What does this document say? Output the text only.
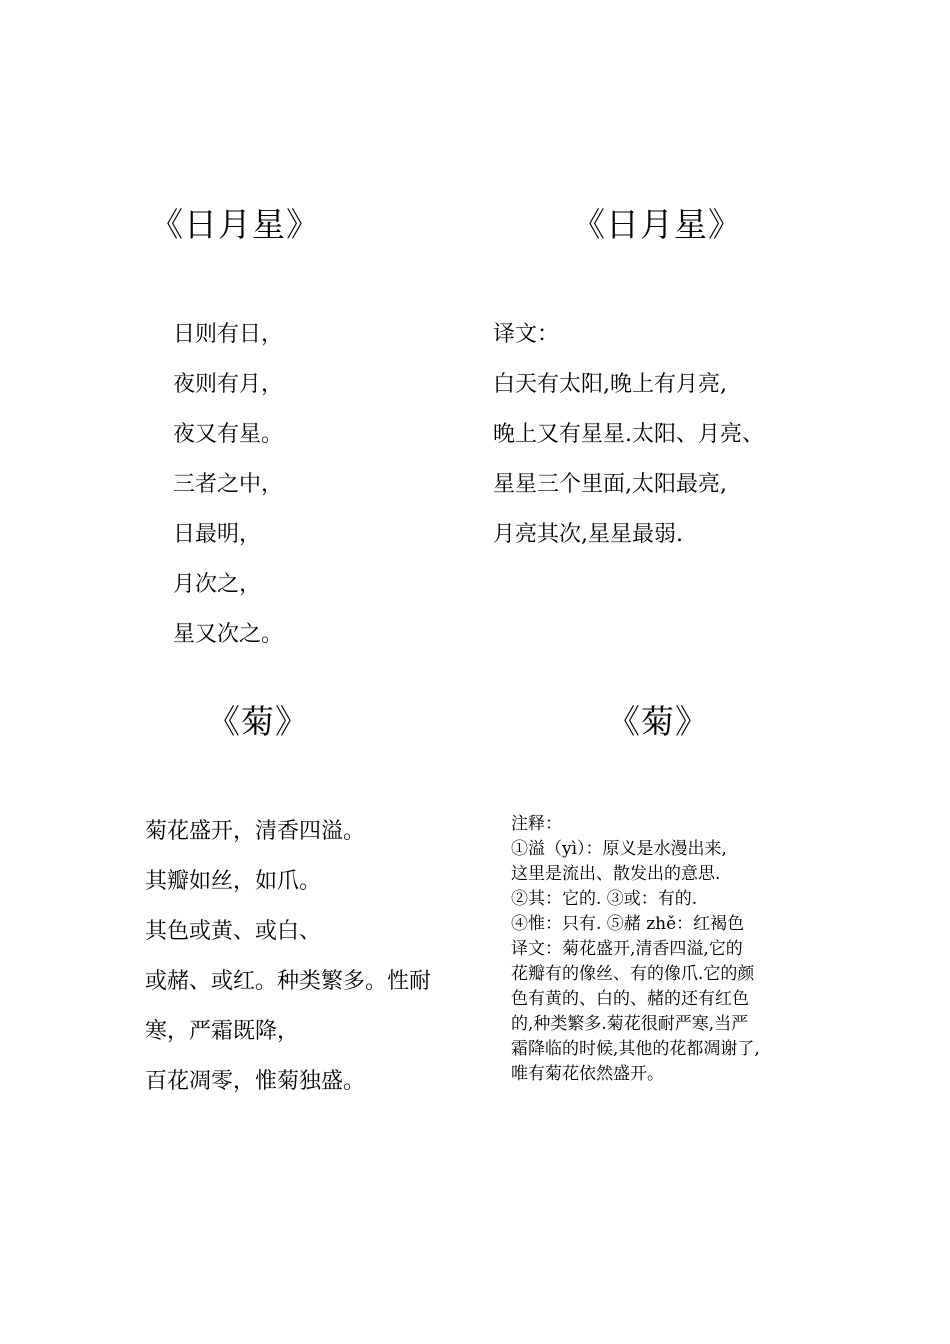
《日月星》	《日月星》
日则有日，
夜则有月，
夜又有星。
三者之中，
日最明，
月次之，
星又次之。
译文：
白天有太阳,晚上有月亮,
晚上又有星星.太阳、月亮、
星星三个里面,太阳最亮,
月亮其次,星星最弱.
《菊》	《菊》
菊花盛开，清香四溢。
其瓣如丝，如爪。
其色或黄、或白、
或赭、或红。种类繁多。性耐
寒，严霜既降，
百花凋零，惟菊独盛。
注释：
①溢（yì）：原义是水漫出来,
这里是流出、散发出的意思.
②其：它的. ③或：有的.
④惟：只有. ⑤赭 zhě：红褐色
译文：菊花盛开,清香四溢,它的
花瓣有的像丝、有的像爪.它的颜
色有黄的、白的、赭的还有红色
的,种类繁多.菊花很耐严寒,当严
霜降临的时候,其他的花都凋谢了,
唯有菊花依然盛开。
